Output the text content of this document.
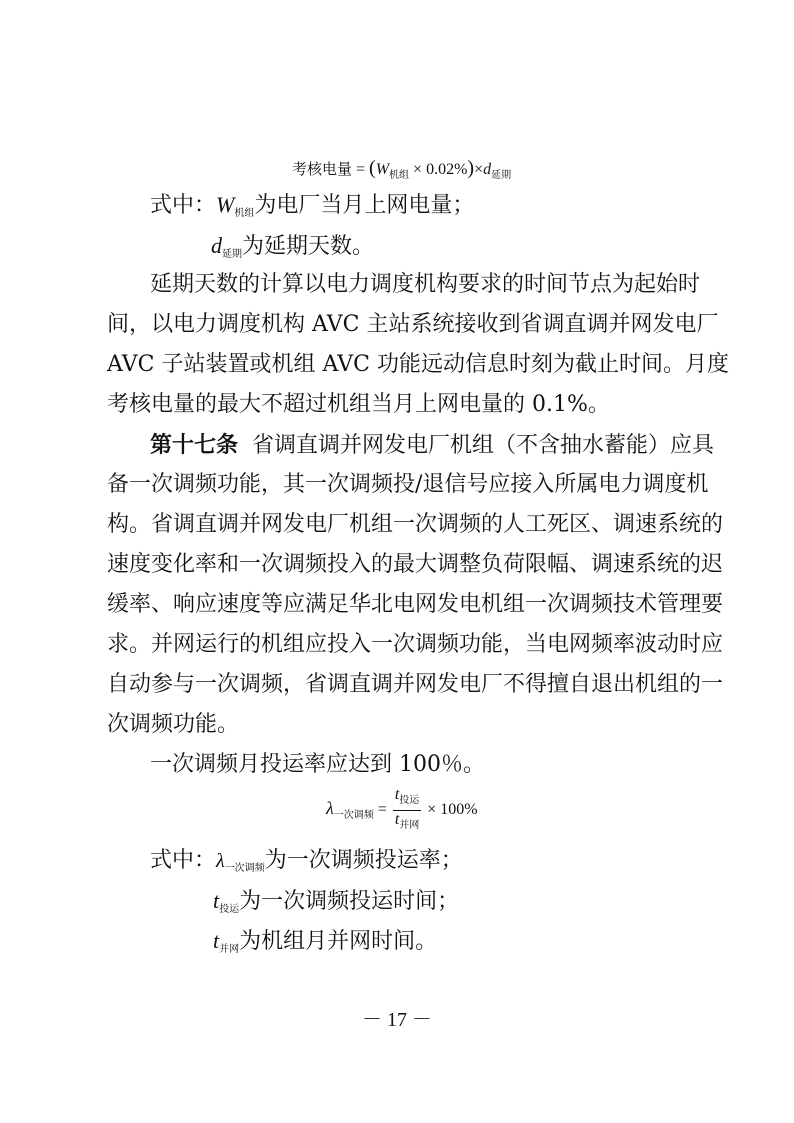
考核电量 = $(W_{机组} \times 0.02\%)\times d_{延期}$
式中：$W_{机组}$为电厂当月上网电量；
$d_{延期}$为延期天数。
延期天数的计算以电力调度机构要求的时间节点为起始时
间，以电力调度机构 AVC 主站系统接收到省调直调并网发电厂
AVC 子站装置或机组 AVC 功能远动信息时刻为截止时间。月度
考核电量的最大不超过机组当月上网电量的 0.1%。
第十七条 省调直调并网发电厂机组（不含抽水蓄能）应具
备一次调频功能，其一次调频投/退信号应接入所属电力调度机
构。省调直调并网发电厂机组一次调频的人工死区、调速系统的
速度变化率和一次调频投入的最大调整负荷限幅、调速系统的迟
缓率、响应速度等应满足华北电网发电机组一次调频技术管理要
求。并网运行的机组应投入一次调频功能，当电网频率波动时应
自动参与一次调频，省调直调并网发电厂不得擅自退出机组的一
次调频功能。
一次调频月投运率应达到 100％。
$\lambda_{一次调频} = \frac{t_{投运}}{t_{并网}} \times 100\%$
式中：$\lambda_{一次调频}$为一次调频投运率；
$t_{投运}$为一次调频投运时间；
$t_{并网}$为机组月并网时间。
－ 17 －
